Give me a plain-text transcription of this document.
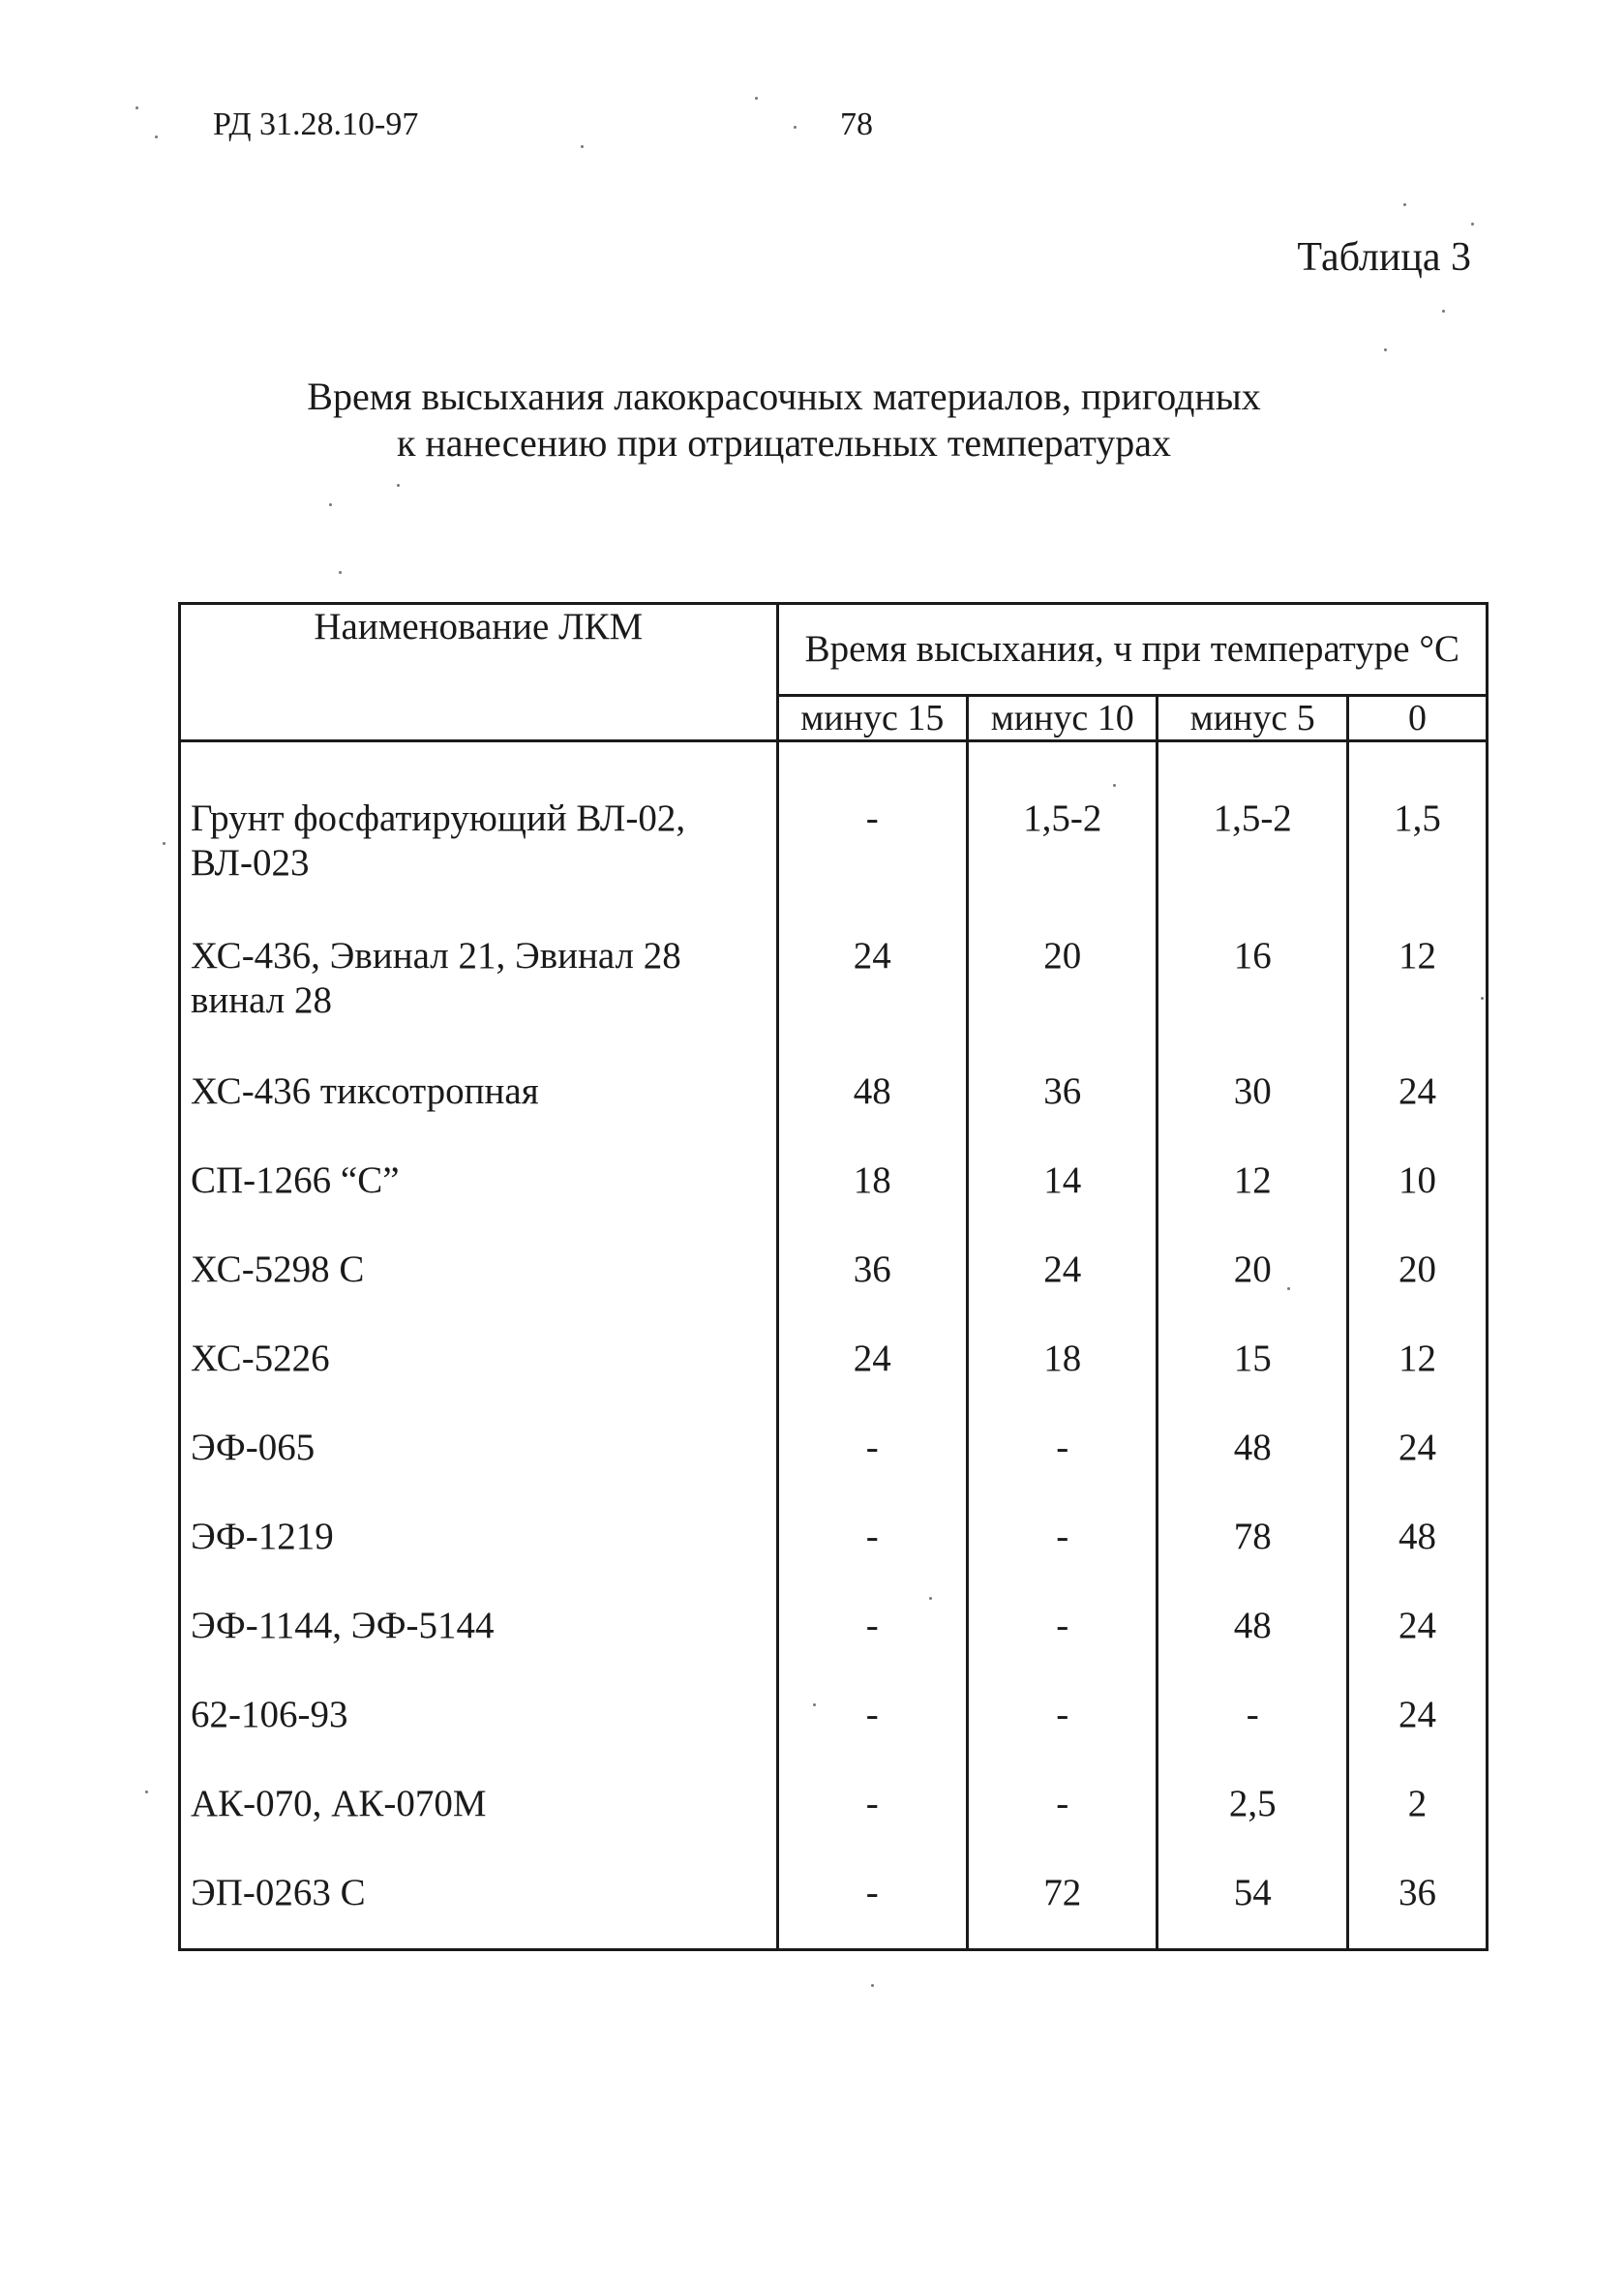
РД 31.28.10-97	78
Таблица 3
Время высыхания лакокрасочных материалов, пригодных
к нанесению при отрицательных температурах
Наименование ЛКМ	Время высыхания, ч при температуре °С			
	минус 15	минус 10	минус 5	0
Грунт фосфатирующий ВЛ-02, ВЛ-023	-	1,5-2	1,5-2	1,5
ХС-436, Эвинал 21, Эвинал 28 винал 28	24	20	16	12
ХС-436 тиксотропная	48	36	30	24
СП-1266 “С”	18	14	12	10
ХС-5298 С	36	24	20	20
ХС-5226	24	18	15	12
ЭФ-065	-	-	48	24
ЭФ-1219	-	-	78	48
ЭФ-1144, ЭФ-5144	-	-	48	24
62-106-93	-	-	-	24
АК-070, АК-070М	-	-	2,5	2
ЭП-0263 С	-	72	54	36
